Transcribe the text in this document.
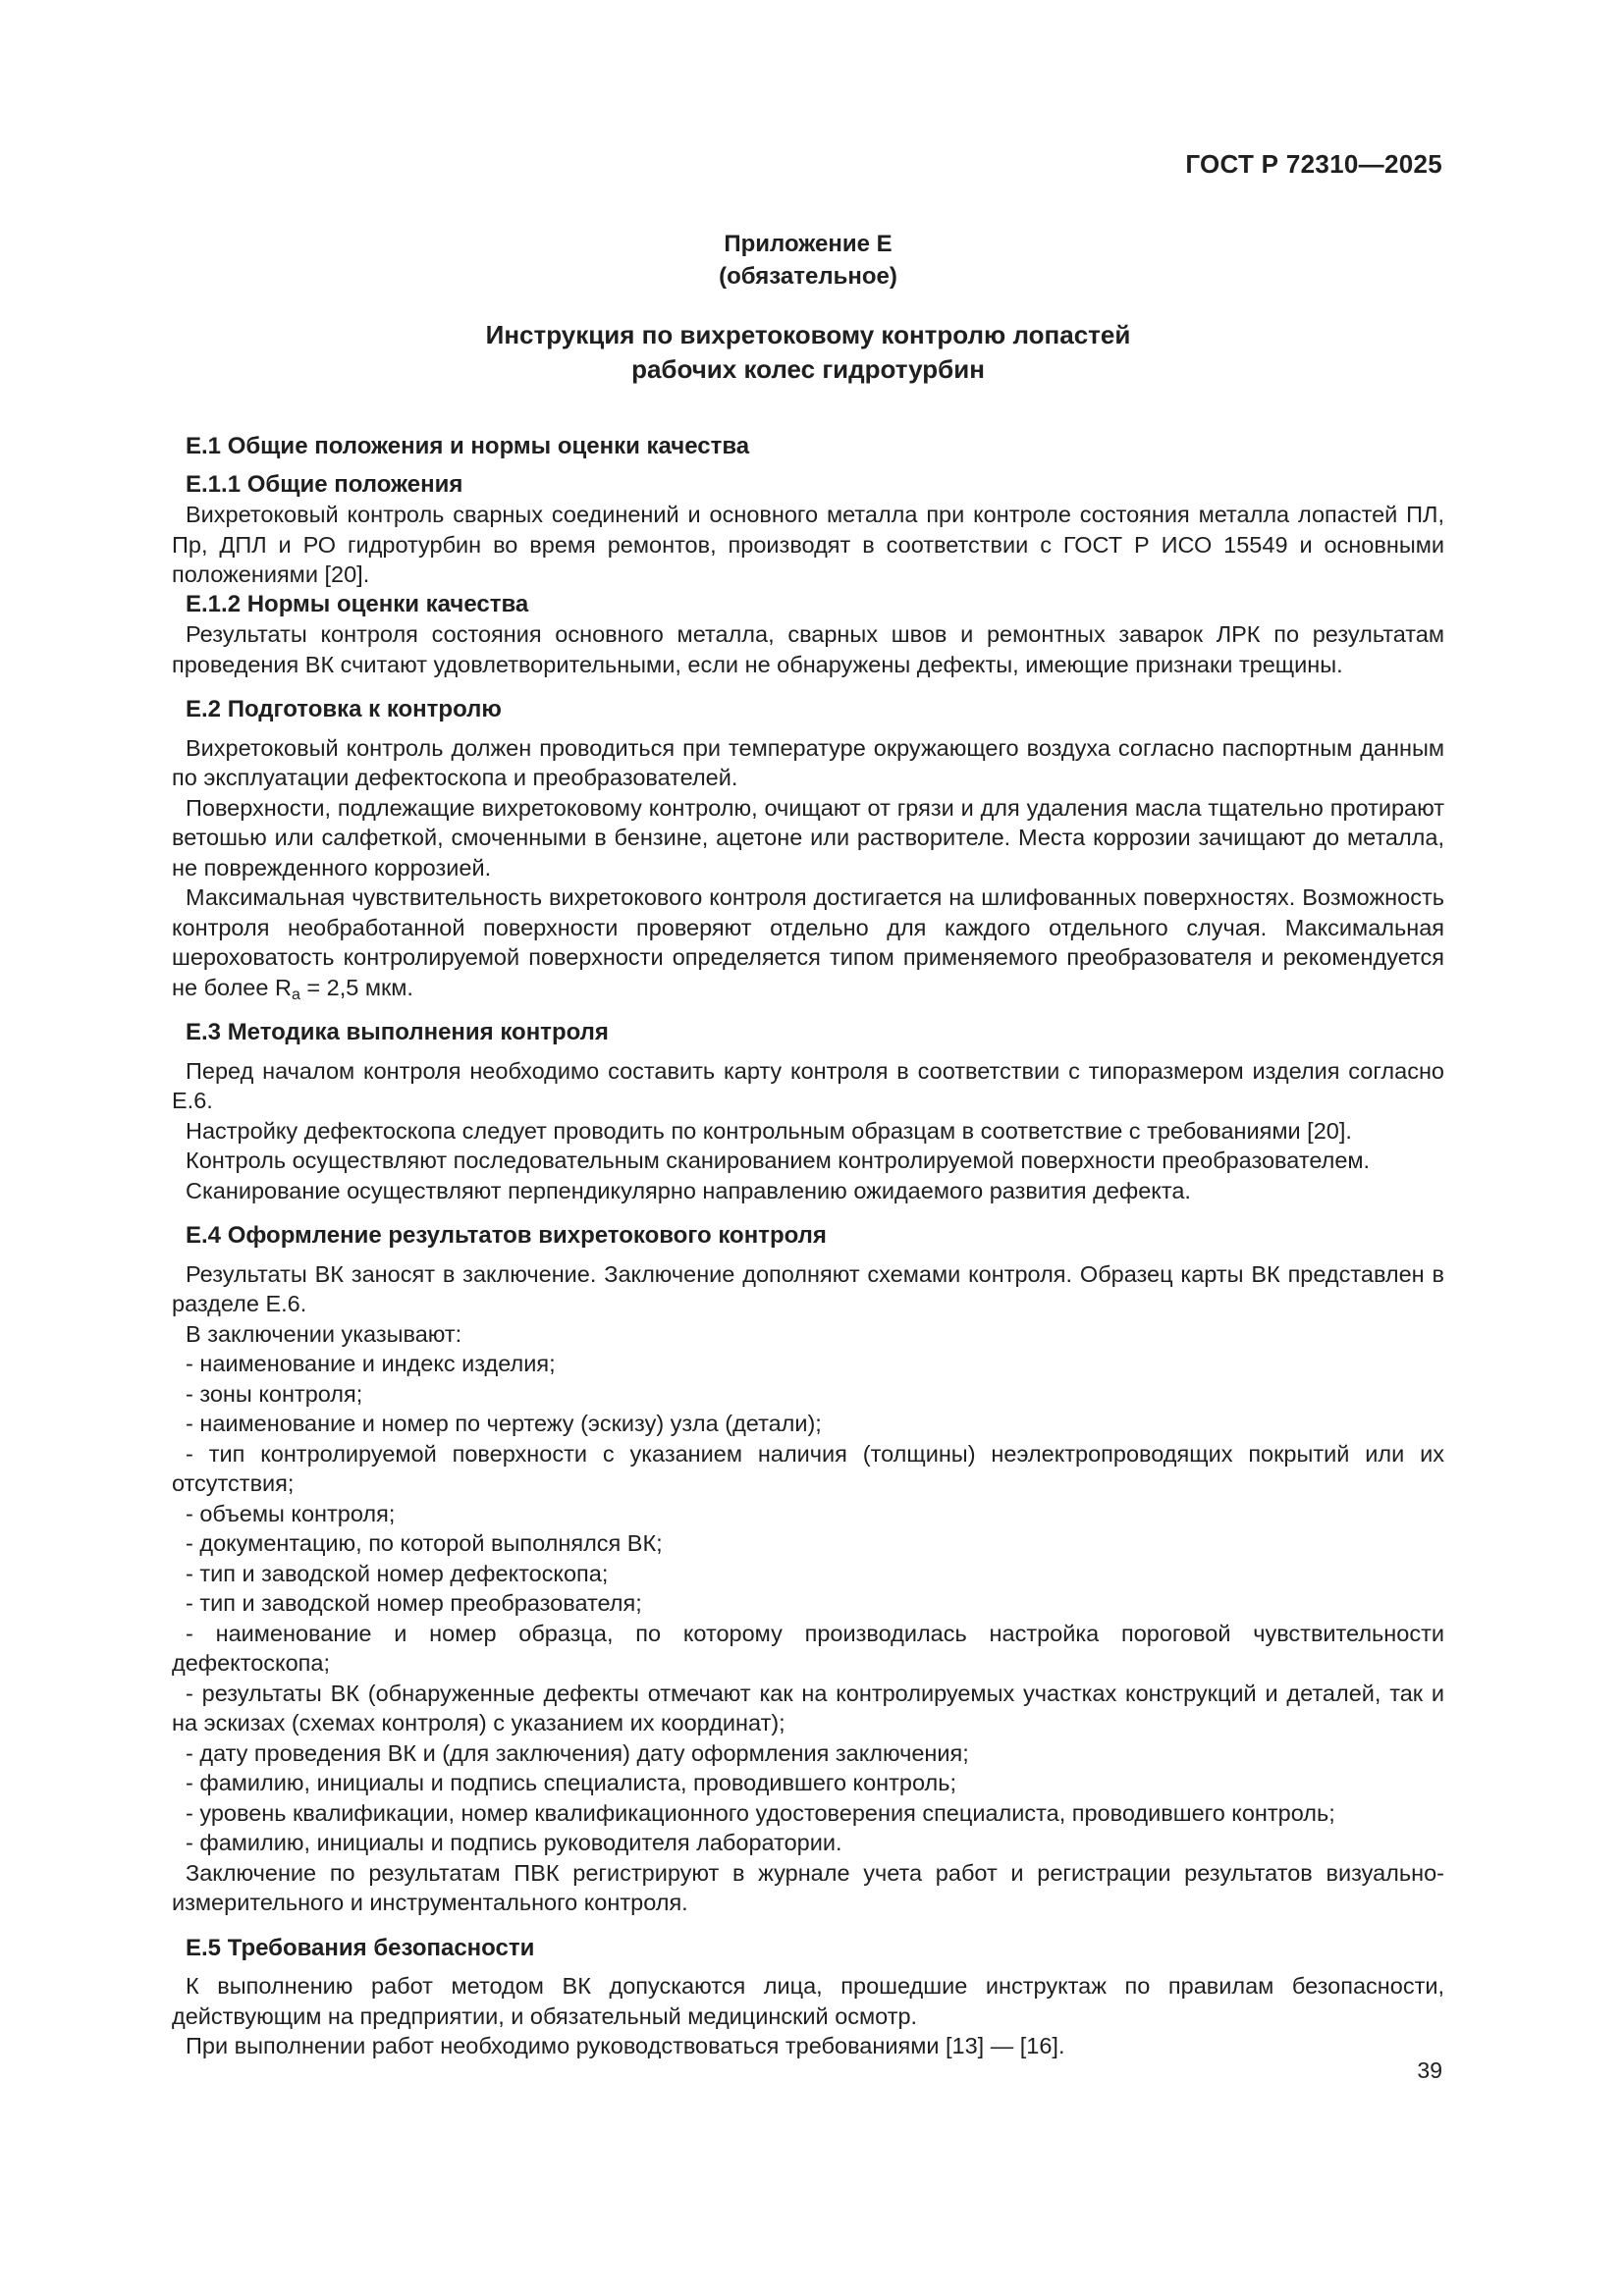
ГОСТ Р 72310—2025
Приложение Е
(обязательное)
Инструкция по вихретоковому контролю лопастей
рабочих колес гидротурбин

Е.1 Общие положения и нормы оценки качества

Е.1.1 Общие положения

Вихретоковый контроль сварных соединений и основного металла при контроле состояния металла лопастей ПЛ, Пр, ДПЛ и РО гидротурбин во время ремонтов, производят в соответствии с ГОСТ Р ИСО 15549 и основными положениями [20].

Е.1.2 Нормы оценки качества

Результаты контроля состояния основного металла, сварных швов и ремонтных заварок ЛРК по результатам проведения ВК считают удовлетворительными, если не обнаружены дефекты, имеющие признаки трещины.

Е.2 Подготовка к контролю

Вихретоковый контроль должен проводиться при температуре окружающего воздуха согласно паспортным данным по эксплуатации дефектоскопа и преобразователей.

Поверхности, подлежащие вихретоковому контролю, очищают от грязи и для удаления масла тщательно протирают ветошью или салфеткой, смоченными в бензине, ацетоне или растворителе. Места коррозии зачищают до металла, не поврежденного коррозией.

Максимальная чувствительность вихретокового контроля достигается на шлифованных поверхностях. Возможность контроля необработанной поверхности проверяют отдельно для каждого отдельного случая. Максимальная шероховатость контролируемой поверхности определяется типом применяемого преобразователя и рекомендуется не более $R_a = 2,5$ мкм.

Е.3 Методика выполнения контроля

Перед началом контроля необходимо составить карту контроля в соответствии с типоразмером изделия согласно Е.6.

Настройку дефектоскопа следует проводить по контрольным образцам в соответствие с требованиями [20].

Контроль осуществляют последовательным сканированием контролируемой поверхности преобразователем.

Сканирование осуществляют перпендикулярно направлению ожидаемого развития дефекта.

Е.4 Оформление результатов вихретокового контроля

Результаты ВК заносят в заключение. Заключение дополняют схемами контроля. Образец карты ВК представлен в разделе Е.6.

В заключении указывают:

- наименование и индекс изделия;

- зоны контроля;

- наименование и номер по чертежу (эскизу) узла (детали);

- тип контролируемой поверхности с указанием наличия (толщины) неэлектропроводящих покрытий или их отсутствия;

- объемы контроля;

- документацию, по которой выполнялся ВК;

- тип и заводской номер дефектоскопа;

- тип и заводской номер преобразователя;

- наименование и номер образца, по которому производилась настройка пороговой чувствительности дефектоскопа;

- результаты ВК (обнаруженные дефекты отмечают как на контролируемых участках конструкций и деталей, так и на эскизах (схемах контроля) с указанием их координат);

- дату проведения ВК и (для заключения) дату оформления заключения;

- фамилию, инициалы и подпись специалиста, проводившего контроль;

- уровень квалификации, номер квалификационного удостоверения специалиста, проводившего контроль;

- фамилию, инициалы и подпись руководителя лаборатории.

Заключение по результатам ПВК регистрируют в журнале учета работ и регистрации результатов визуально-измерительного и инструментального контроля.

Е.5 Требования безопасности

К выполнению работ методом ВК допускаются лица, прошедшие инструктаж по правилам безопасности, действующим на предприятии, и обязательный медицинский осмотр.

При выполнении работ необходимо руководствоваться требованиями [13] — [16].

39
